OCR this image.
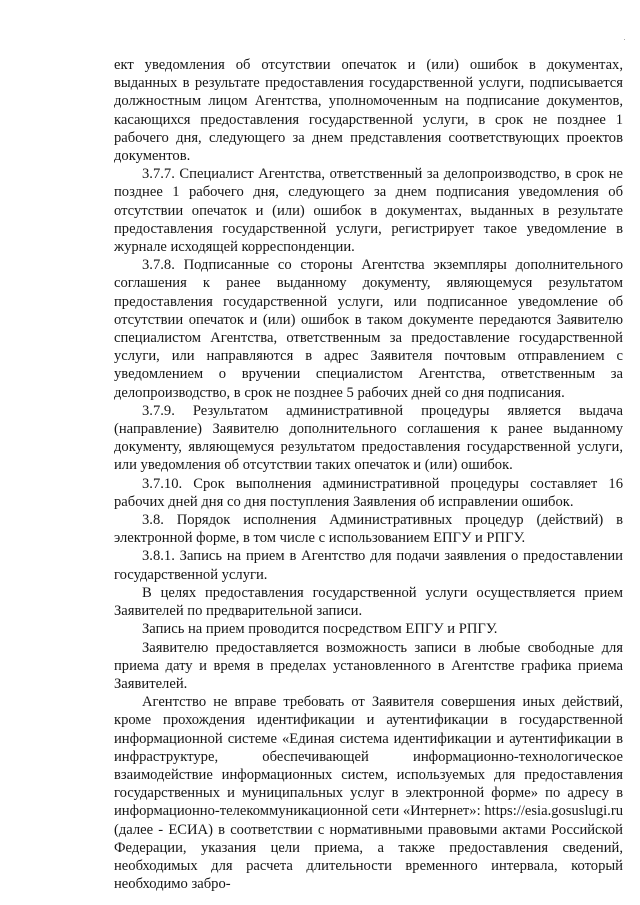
·

ект уведомления об отсутствии опечаток и (или) ошибок в документах, выданных в результате предоставления государственной услуги, подписывается должностным лицом Агентства, уполномоченным на подписание документов, касающихся предоставления государственной услуги, в срок не позднее 1 рабочего дня, следующего за днем представления соответствующих проектов документов.

3.7.7. Специалист Агентства, ответственный за делопроизводство, в срок не позднее 1 рабочего дня, следующего за днем подписания уведомления об отсутствии опечаток и (или) ошибок в документах, выданных в результате предоставления государственной услуги, регистрирует такое уведомление в журнале исходящей корреспонденции.

3.7.8. Подписанные со стороны Агентства экземпляры дополнительного соглашения к ранее выданному документу, являющемуся результатом предоставления государственной услуги, или подписанное уведомление об отсутствии опечаток и (или) ошибок в таком документе передаются Заявителю специалистом Агентства, ответственным за предоставление государственной услуги, или направляются в адрес Заявителя почтовым отправлением с уведомлением о вручении специалистом Агентства, ответственным за делопроизводство, в срок не позднее 5 рабочих дней со дня подписания.

3.7.9. Результатом административной процедуры является выдача (направление) Заявителю дополнительного соглашения к ранее выданному документу, являющемуся результатом предоставления государственной услуги, или уведомления об отсутствии таких опечаток и (или) ошибок.

3.7.10. Срок выполнения административной процедуры составляет 16 рабочих дней дня со дня поступления Заявления об исправлении ошибок.

3.8. Порядок исполнения Административных процедур (действий) в электронной форме, в том числе с использованием ЕПГУ и РПГУ.

3.8.1. Запись на прием в Агентство для подачи заявления о предоставлении государственной услуги.

В целях предоставления государственной услуги осуществляется прием Заявителей по предварительной записи.

Запись на прием проводится посредством ЕПГУ и РПГУ.

Заявителю предоставляется возможность записи в любые свободные для приема дату и время в пределах установленного в Агентстве графика приема Заявителей.

Агентство не вправе требовать от Заявителя совершения иных действий, кроме прохождения идентификации и аутентификации в государственной информационной системе «Единая система идентификации и аутентификации в инфраструктуре, обеспечивающей информационно-технологическое взаимодействие информационных систем, используемых для предоставления государственных и муниципальных услуг в электронной форме» по адресу в информационно-телекоммуникационной сети «Интернет»: https://esia.gosuslugi.ru (далее - ЕСИА) в соответствии с нормативными правовыми актами Российской Федерации, указания цели приема, а также предоставления сведений, необходимых для расчета длительности временного интервала, который необходимо забро-
